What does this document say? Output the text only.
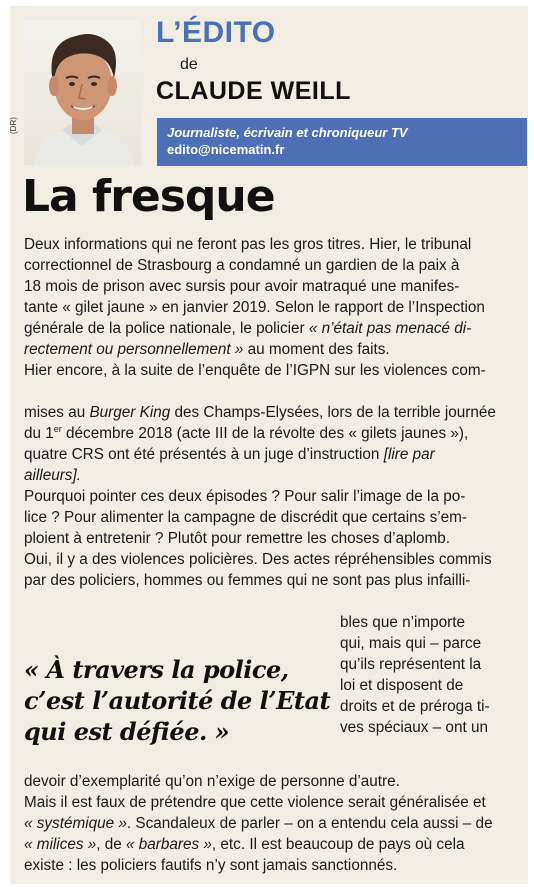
(DR)
L’ÉDITO
de
CLAUDE WEILL
Journaliste, écrivain et chroniqueur TV
edito@nicematin.fr
La fresque
Deux informations qui ne feront pas les gros titres. Hier, le tribunal
correctionnel de Strasbourg a condamné un gardien de la paix à
18 mois de prison avec sursis pour avoir matraqué une manifes-
tante « gilet jaune » en janvier 2019. Selon le rapport de l’Inspection
générale de la police nationale, le policier « n’était pas menacé di-
rectement ou personnellement » au moment des faits.
Hier encore, à la suite de l’enquête de l’IGPN sur les violences com-
mises au Burger King des Champs-Elysées, lors de la terrible journée
du 1er décembre 2018 (acte III de la révolte des « gilets jaunes »),
quatre CRS ont été présentés à un juge d’instruction [lire par
ailleurs].
Pourquoi pointer ces deux épisodes ? Pour salir l’image de la po-
lice ? Pour alimenter la campagne de discrédit que certains s’em-
ploient à entretenir ? Plutôt pour remettre les choses d’aplomb.
Oui, il y a des violences policières. Des actes répréhensibles commis
par des policiers, hommes ou femmes qui ne sont pas plus infailli-
bles que n’importe
qui, mais qui – parce
qu’ils représentent la
loi et disposent de
droits et de préroga ti-
ves spéciaux – ont un
devoir d’exemplarité qu’on n’exige de personne d’autre.
Mais il est faux de prétendre que cette violence serait généralisée et
« systémique ». Scandaleux de parler – on a entendu cela aussi – de
« milices », de « barbares », etc. Il est beaucoup de pays où cela
existe : les policiers fautifs n’y sont jamais sanctionnés.
« À travers la police,
c’est l’autorité de l’Etat
qui est défiée. »
